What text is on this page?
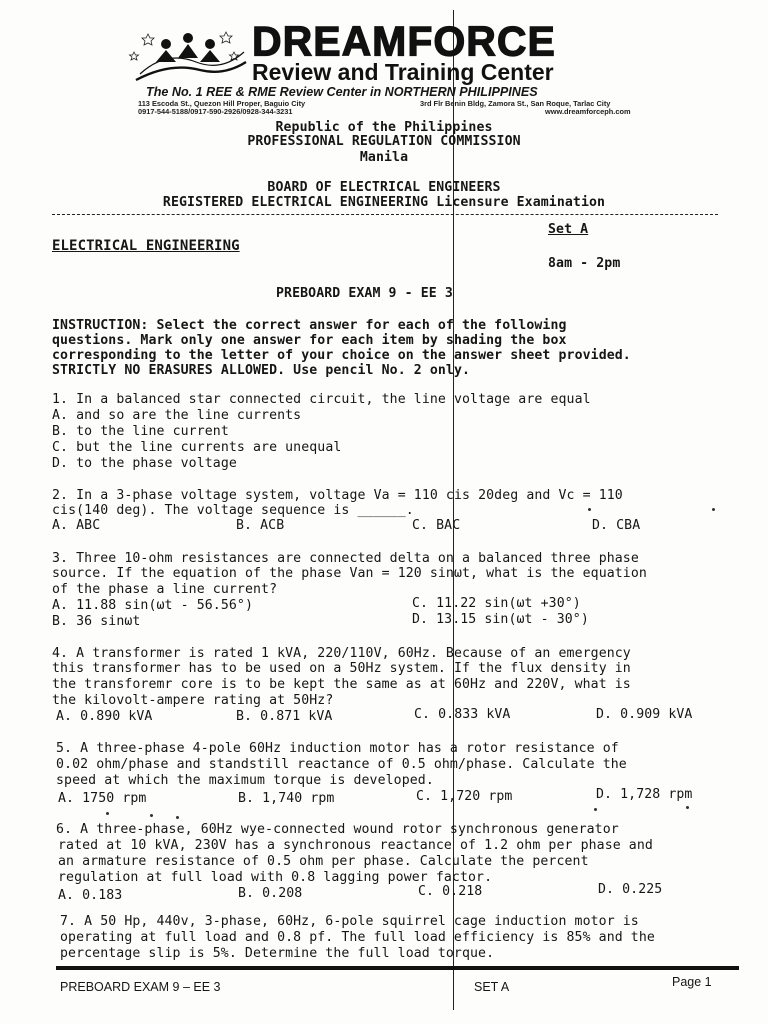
DREAMFORCE
Review and Training Center
The No. 1 REE & RME Review Center in NORTHERN PHILIPPINES
113 Escoda St., Quezon Hill Proper, Baguio City
0917-544-5188/0917-590-2926/0928-344-3231
3rd Flr Benin Bldg, Zamora St., San Roque, Tarlac City
www.dreamforceph.com
Republic of the Philippines
PROFESSIONAL REGULATION COMMISSION
Manila
BOARD OF ELECTRICAL ENGINEERS
REGISTERED ELECTRICAL ENGINEERING Licensure Examination
Set A
ELECTRICAL ENGINEERING
8am - 2pm
PREBOARD EXAM 9 - EE 3
INSTRUCTION: Select the correct answer for each of the following
questions. Mark only one answer for each item by shading the box
corresponding to the letter of your choice on the answer sheet provided.
STRICTLY NO ERASURES ALLOWED. Use pencil No. 2 only.
1. In a balanced star connected circuit, the line voltage are equal
A. and so are the line currents
B. to the line current
C. but the line currents are unequal
D. to the phase voltage
2. In a 3-phase voltage system, voltage Va = 110 cis 20deg and Vc = 110
cis(140 deg). The voltage sequence is ______.
A. ABC	B. ACB	C. BAC	D. CBA
3. Three 10-ohm resistances are connected delta on a balanced three phase
source. If the equation of the phase Van = 120 sinωt, what is the equation
of the phase a line current?
A. 11.88 sin(ωt - 56.56°)	C. 11.22 sin(ωt +30°)
B. 36 sinωt	D. 13.15 sin(ωt - 30°)
4. A transformer is rated 1 kVA, 220/110V, 60Hz. Because of an emergency
this transformer has to be used on a 50Hz system. If the flux density in
the transforemr core is to be kept the same as at 60Hz and 220V, what is
the kilovolt-ampere rating at 50Hz?
A. 0.890 kVA	B. 0.871 kVA	C. 0.833 kVA	D. 0.909 kVA
5. A three-phase 4-pole 60Hz induction motor has a rotor resistance of
0.02 ohm/phase and standstill reactance of 0.5 ohm/phase. Calculate the
speed at which the maximum torque is developed.
A. 1750 rpm	B. 1,740 rpm	C. 1,720 rpm	D. 1,728 rpm
6. A three-phase, 60Hz wye-connected wound rotor synchronous generator
rated at 10 kVA, 230V has a synchronous reactance of 1.2 ohm per phase and
an armature resistance of 0.5 ohm per phase. Calculate the percent
regulation at full load with 0.8 lagging power factor.
A. 0.183	B. 0.208	C. 0.218	D. 0.225
7. A 50 Hp, 440v, 3-phase, 60Hz, 6-pole squirrel cage induction motor is
operating at full load and 0.8 pf. The full load efficiency is 85% and the
percentage slip is 5%. Determine the full load torque.
PREBOARD EXAM 9 – EE 3	SET A	Page 1
